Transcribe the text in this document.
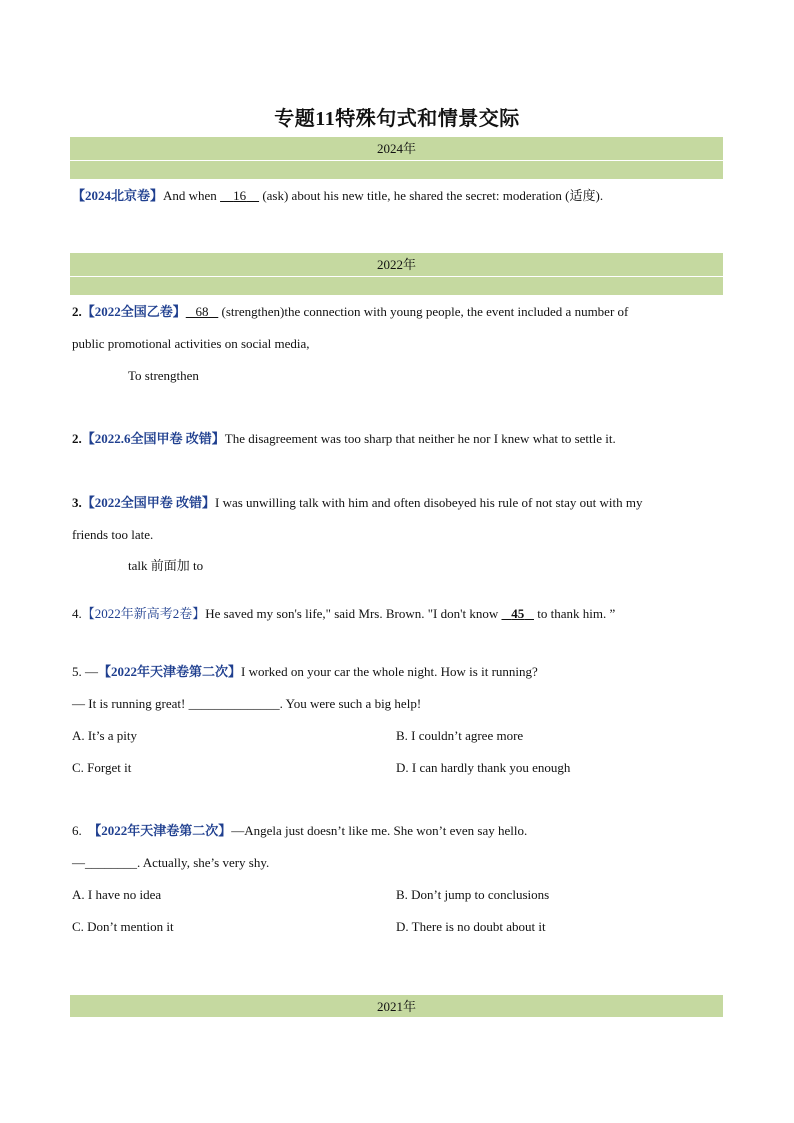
专题11特殊句式和情景交际
2024年
【2024北京卷】And when     16     (ask) about his new title, he shared the secret: moderation (适度).
2022年
2.【2022全国乙卷】 68    (strengthen)the connection with young people, the event included a number of
public promotional activities on social media,
To strengthen
2.【2022.6全国甲卷 改错】The disagreement was too sharp that neither he nor I knew what to settle it.
3.【2022全国甲卷 改错】I was unwilling talk with him and often disobeyed his rule of not stay out with my
friends too late.
talk 前面加 to
4.【2022年新高考2卷】He saved my son's life," said Mrs. Brown. "I don't know    45    to thank him. ”
5. —【2022年天津卷第二次】I worked on your car the whole night. How is it running?
— It is running great! ______________. You were such a big help!
A. It’s a pity	B. I couldn’t agree more
C. Forget it	D. I can hardly thank you enough
6. 【2022年天津卷第二次】—Angela just doesn’t like me. She won’t even say hello.
—________. Actually, she’s very shy.
A. I have no idea	B. Don’t jump to conclusions
C. Don’t mention it	D. There is no doubt about it
2021年
